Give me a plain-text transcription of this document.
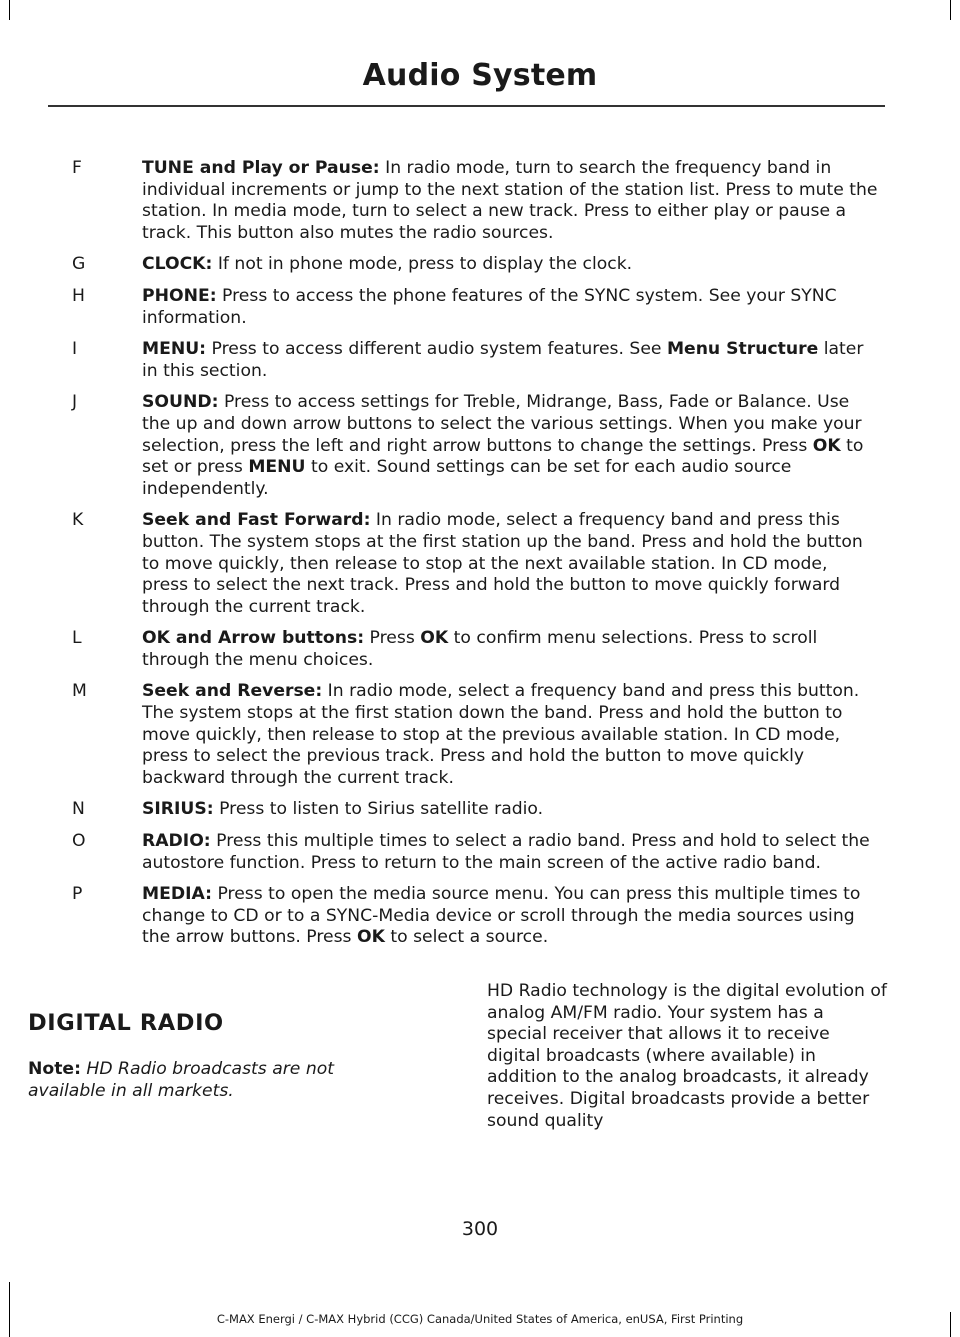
Audio System
F	TUNE and Play or Pause: In radio mode, turn to search the frequency band in individual increments or jump to the next station of the station list. Press to mute the station. In media mode, turn to select a new track. Press to either play or pause a track. This button also mutes the radio sources.
G	CLOCK: If not in phone mode, press to display the clock.
H	PHONE: Press to access the phone features of the SYNC system. See your SYNC information.
I	MENU: Press to access different audio system features. See Menu Structure later in this section.
J	SOUND: Press to access settings for Treble, Midrange, Bass, Fade or Balance. Use the up and down arrow buttons to select the various settings. When you make your selection, press the left and right arrow buttons to change the settings. Press OK to set or press MENU to exit. Sound settings can be set for each audio source independently.
K	Seek and Fast Forward: In radio mode, select a frequency band and press this button. The system stops at the first station up the band. Press and hold the button to move quickly, then release to stop at the next available station. In CD mode, press to select the next track. Press and hold the button to move quickly forward through the current track.
L	OK and Arrow buttons: Press OK to confirm menu selections. Press to scroll through the menu choices.
M	Seek and Reverse: In radio mode, select a frequency band and press this button. The system stops at the first station down the band. Press and hold the button to move quickly, then release to stop at the previous available station. In CD mode, press to select the previous track. Press and hold the button to move quickly backward through the current track.
N	SIRIUS: Press to listen to Sirius satellite radio.
O	RADIO: Press this multiple times to select a radio band. Press and hold to select the autostore function. Press to return to the main screen of the active radio band.
P	MEDIA: Press to open the media source menu. You can press this multiple times to change to CD or to a SYNC-Media device or scroll through the media sources using the arrow buttons. Press OK to select a source.
DIGITAL RADIO
Note: HD Radio broadcasts are not available in all markets.
HD Radio technology is the digital evolution of analog AM/FM radio. Your system has a special receiver that allows it to receive digital broadcasts (where available) in addition to the analog broadcasts, it already receives. Digital broadcasts provide a better sound quality
300
C-MAX Energi / C-MAX Hybrid (CCG) Canada/United States of America, enUSA, First Printing
